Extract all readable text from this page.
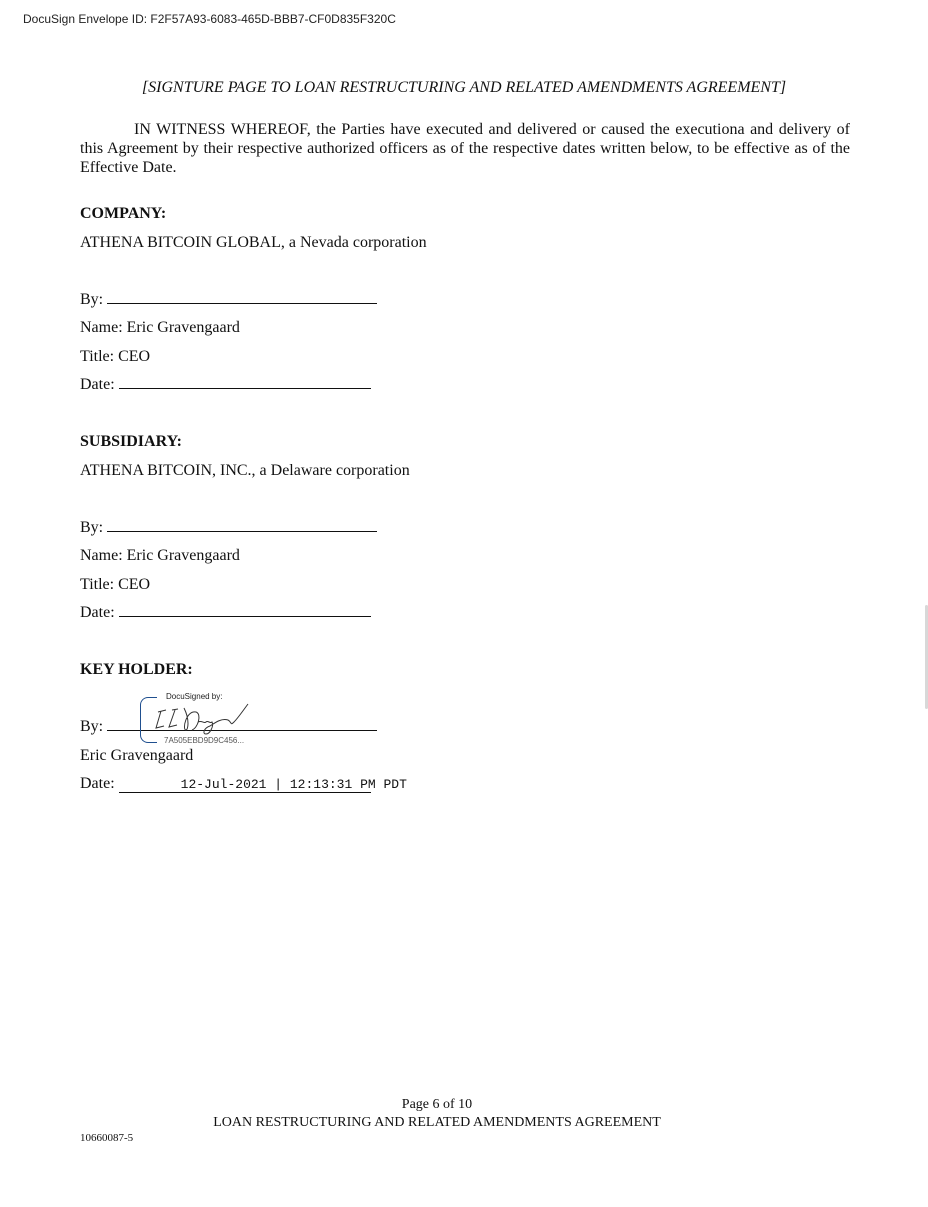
DocuSign Envelope ID: F2F57A93-6083-465D-BBB7-CF0D835F320C
[SIGNTURE PAGE TO LOAN RESTRUCTURING AND RELATED AMENDMENTS AGREEMENT]
IN WITNESS WHEREOF, the Parties have executed and delivered or caused the executiona and delivery of this Agreement by their respective authorized officers as of the respective dates written below, to be effective as of the Effective Date.
COMPANY:
ATHENA BITCOIN GLOBAL, a Nevada corporation
By:
Name: Eric Gravengaard
Title: CEO
Date:
SUBSIDIARY:
ATHENA BITCOIN, INC., a Delaware corporation
By:
Name: Eric Gravengaard
Title: CEO
Date:
KEY HOLDER:
By:
DocuSigned by:
7A505EBD9D9C456...
Eric Gravengaard
Date:	12-Jul-2021 | 12:13:31 PM PDT
Page 6 of 10
LOAN RESTRUCTURING AND RELATED AMENDMENTS AGREEMENT
10660087-5
